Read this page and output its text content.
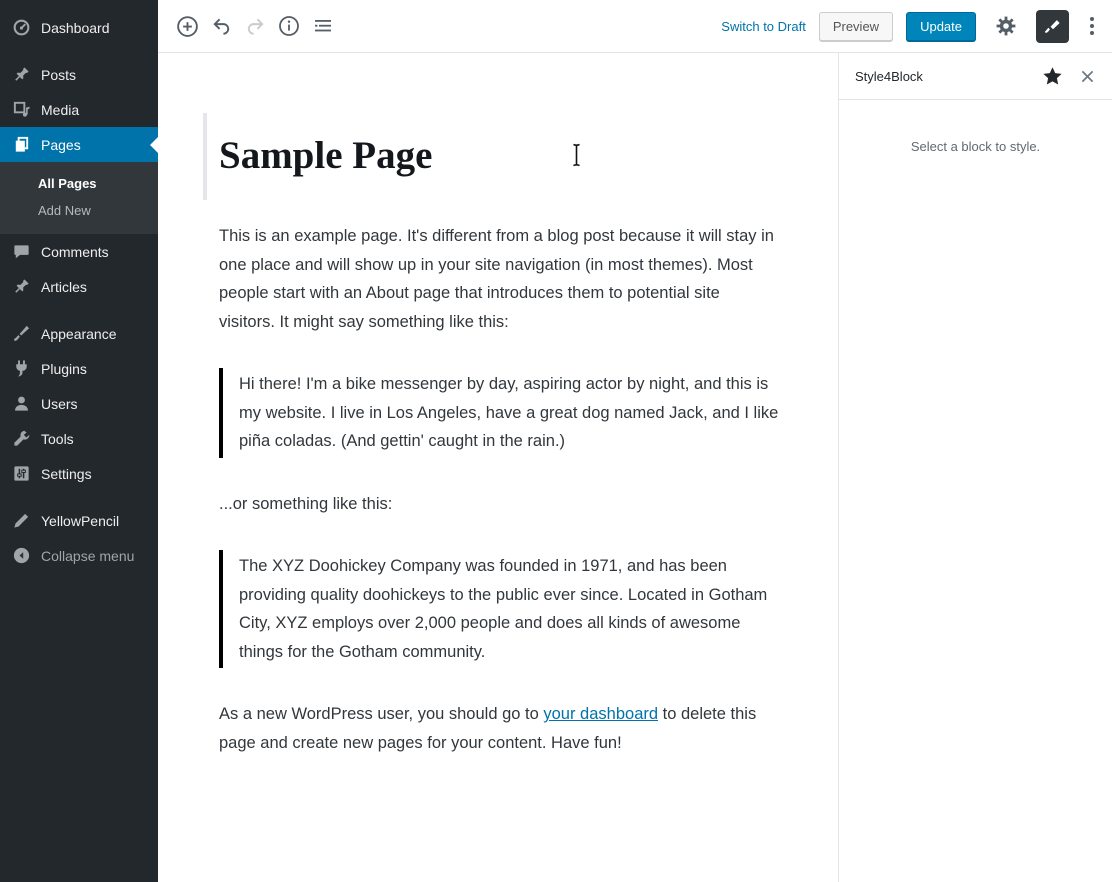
Dashboard
Posts
Media
Pages
All Pages
Add New
Comments
Articles
Appearance
Plugins
Users
Tools
Settings
YellowPencil
Collapse menu
Switch to Draft	Preview	Update
Sample Page

This is an example page. It's different from a blog post because it will stay in one place and will show up in your site navigation (in most themes). Most people start with an About page that introduces them to potential site visitors. It might say something like this:

Hi there! I'm a bike messenger by day, aspiring actor by night, and this is my website. I live in Los Angeles, have a great dog named Jack, and I like piña coladas. (And gettin' caught in the rain.)

...or something like this:

The XYZ Doohickey Company was founded in 1971, and has been providing quality doohickeys to the public ever since. Located in Gotham City, XYZ employs over 2,000 people and does all kinds of awesome things for the Gotham community.

As a new WordPress user, you should go to your dashboard to delete this page and create new pages for your content. Have fun!

Style4Block
Select a block to style.
